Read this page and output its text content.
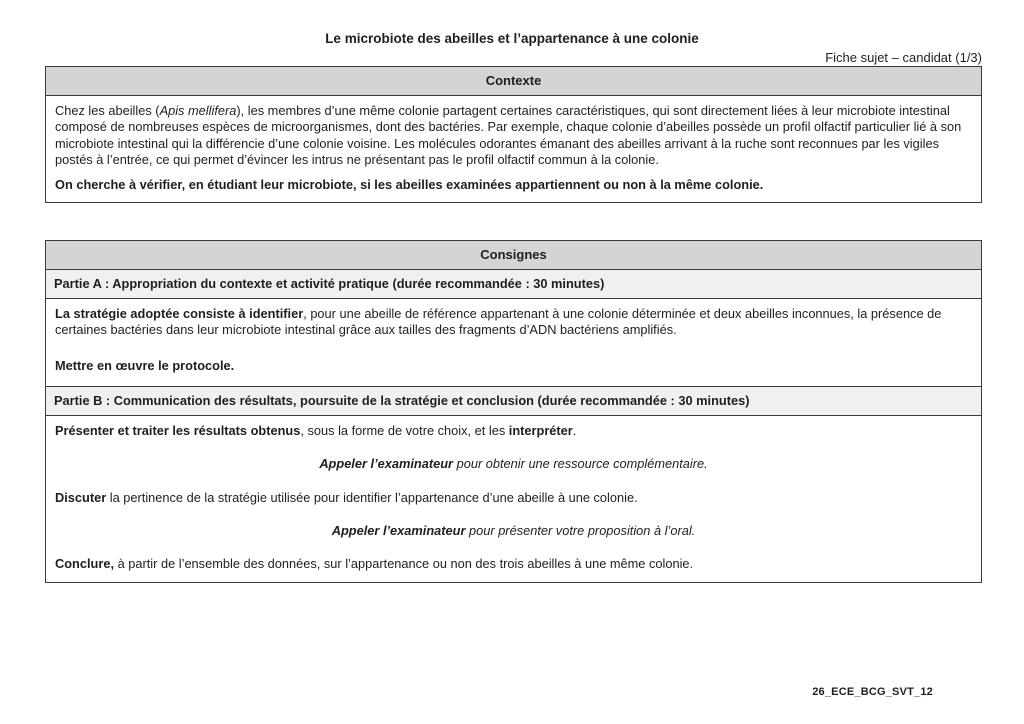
Le microbiote des abeilles et l’appartenance à une colonie
Fiche sujet – candidat (1/3)
Contexte

Chez les abeilles (Apis mellifera), les membres d’une même colonie partagent certaines caractéristiques, qui sont directement liées à leur microbiote intestinal composé de nombreuses espèces de microorganismes, dont des bactéries. Par exemple, chaque colonie d’abeilles possède un profil olfactif particulier lié à son microbiote intestinal qui la différencie d’une colonie voisine. Les molécules odorantes émanant des abeilles arrivant à la ruche sont reconnues par les vigiles postés à l’entrée, ce qui permet d’évincer les intrus ne présentant pas le profil olfactif commun à la colonie.

On cherche à vérifier, en étudiant leur microbiote, si les abeilles examinées appartiennent ou non à la même colonie.

Consignes
Partie A : Appropriation du contexte et activité pratique (durée recommandée : 30 minutes)

La stratégie adoptée consiste à identifier, pour une abeille de référence appartenant à une colonie déterminée et deux abeilles inconnues, la présence de certaines bactéries dans leur microbiote intestinal grâce aux tailles des fragments d’ADN bactériens amplifiés.

Mettre en œuvre le protocole.

Partie B : Communication des résultats, poursuite de la stratégie et conclusion (durée recommandée : 30 minutes)

Présenter et traiter les résultats obtenus, sous la forme de votre choix, et les interpréter.

Appeler l’examinateur pour obtenir une ressource complémentaire.

Discuter la pertinence de la stratégie utilisée pour identifier l’appartenance d’une abeille à une colonie.

Appeler l’examinateur pour présenter votre proposition à l’oral.

Conclure, à partir de l’ensemble des données, sur l’appartenance ou non des trois abeilles à une même colonie.

26_ECE_BCG_SVT_12
